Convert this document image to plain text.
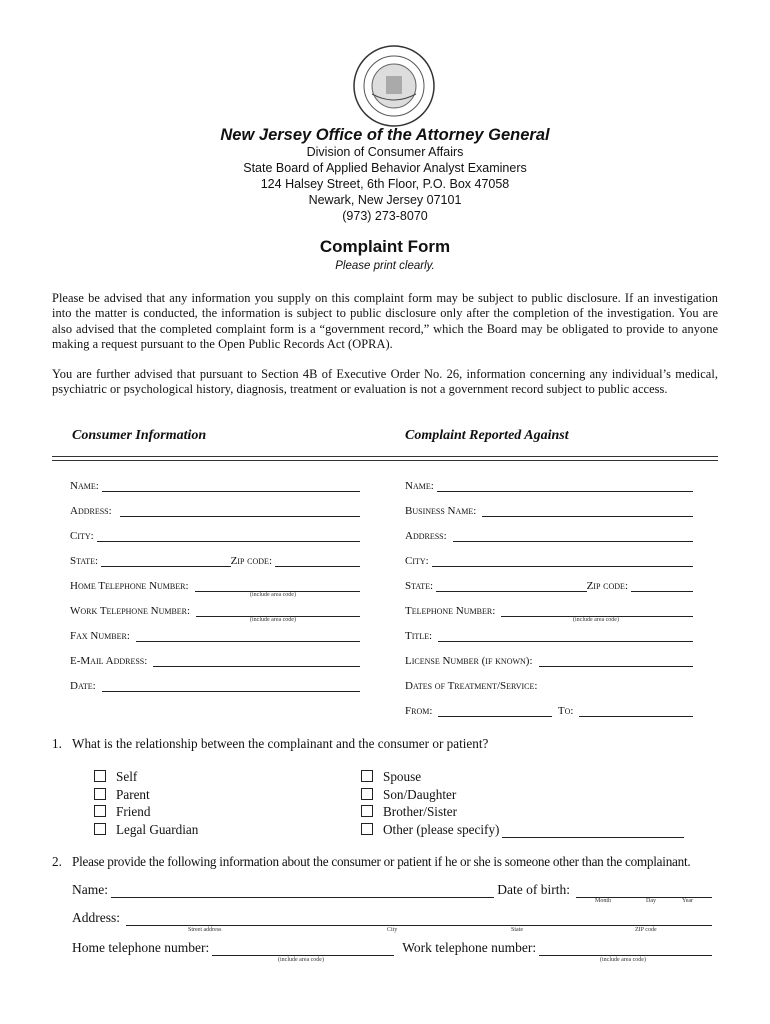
New Jersey Office of the Attorney General
Division of Consumer Affairs
State Board of Applied Behavior Analyst Examiners
124 Halsey Street, 6th Floor, P.O. Box 47058
Newark, New Jersey 07101
(973) 273-8070
Complaint Form
Please print clearly.
Please be advised that any information you supply on this complaint form may be subject to public disclosure. If an investigation into the matter is conducted, the information is subject to public disclosure only after the completion of the investigation. You are also advised that the completed complaint form is a “government record,” which the Board may be obligated to provide to anyone making a request pursuant to the Open Public Records Act (OPRA).
You are further advised that pursuant to Section 4B of Executive Order No. 26, information concerning any individual’s medical, psychiatric or psychological history, diagnosis, treatment or evaluation is not a government record subject to public access.
Consumer Information	Complaint Reported Against
Name:
Address:
City:
State:	Zip code:
Home Telephone Number:
(include area code)
Work Telephone Number:
(include area code)
Fax Number:
E-Mail Address:
Date:
Name:
Business Name:
Address:
City:
State:	Zip code:
Telephone Number:
(include area code)
Title:
License Number (if known):
Dates of Treatment/Service:
From:	To:
1. What is the relationship between the complainant and the consumer or patient?
Self
Parent
Friend
Legal Guardian
Spouse
Son/Daughter
Brother/Sister
Other (please specify)
2. Please provide the following information about the consumer or patient if he or she is someone other than the complainant.
Name:	Date of birth:
Month	Day	Year
Address:
Street address	City	State	ZIP code
Home telephone number:	Work telephone number:
(include area code)	(include area code)
